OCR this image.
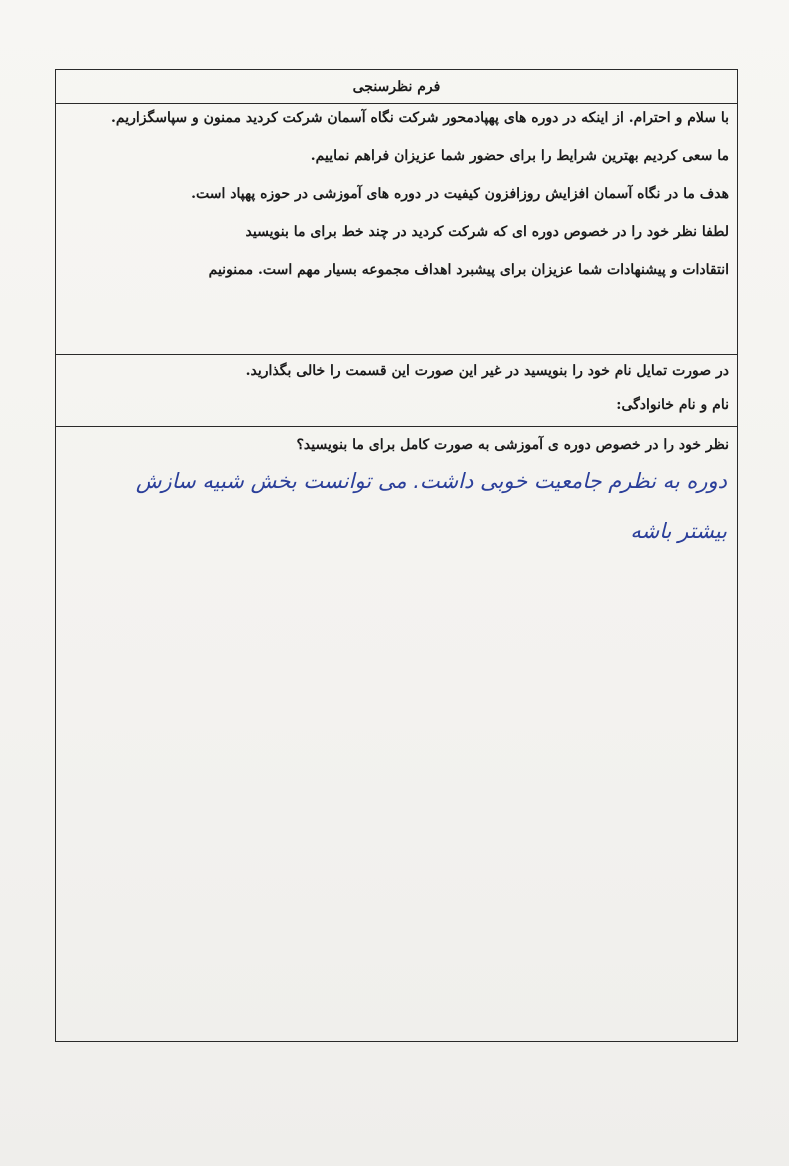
فرم نظرسنجی
با سلام و احترام. از اینکه در دوره های پهپادمحور شرکت نگاه آسمان شرکت کردید ممنون و سپاسگزاریم.
ما سعی کردیم بهترین شرایط را برای حضور شما عزیزان فراهم نماییم.
هدف ما در نگاه آسمان افزایش روزافزون کیفیت در دوره های آموزشی در حوزه پهپاد است.
لطفا نظر خود را در خصوص دوره ای که شرکت کردید در چند خط برای ما بنویسید
انتقادات و پیشنهادات شما عزیزان برای پیشبرد اهداف مجموعه بسیار مهم است. ممنونیم
در صورت تمایل نام خود را بنویسید در غیر این صورت این قسمت را خالی بگذارید.
نام و نام خانوادگی:
نظر خود را در خصوص دوره ی آموزشی به صورت کامل برای ما بنویسید؟
دوره به نظرم جامعیت خوبی داشت. می توانست بخش شبیه سازش
بیشتر باشه
